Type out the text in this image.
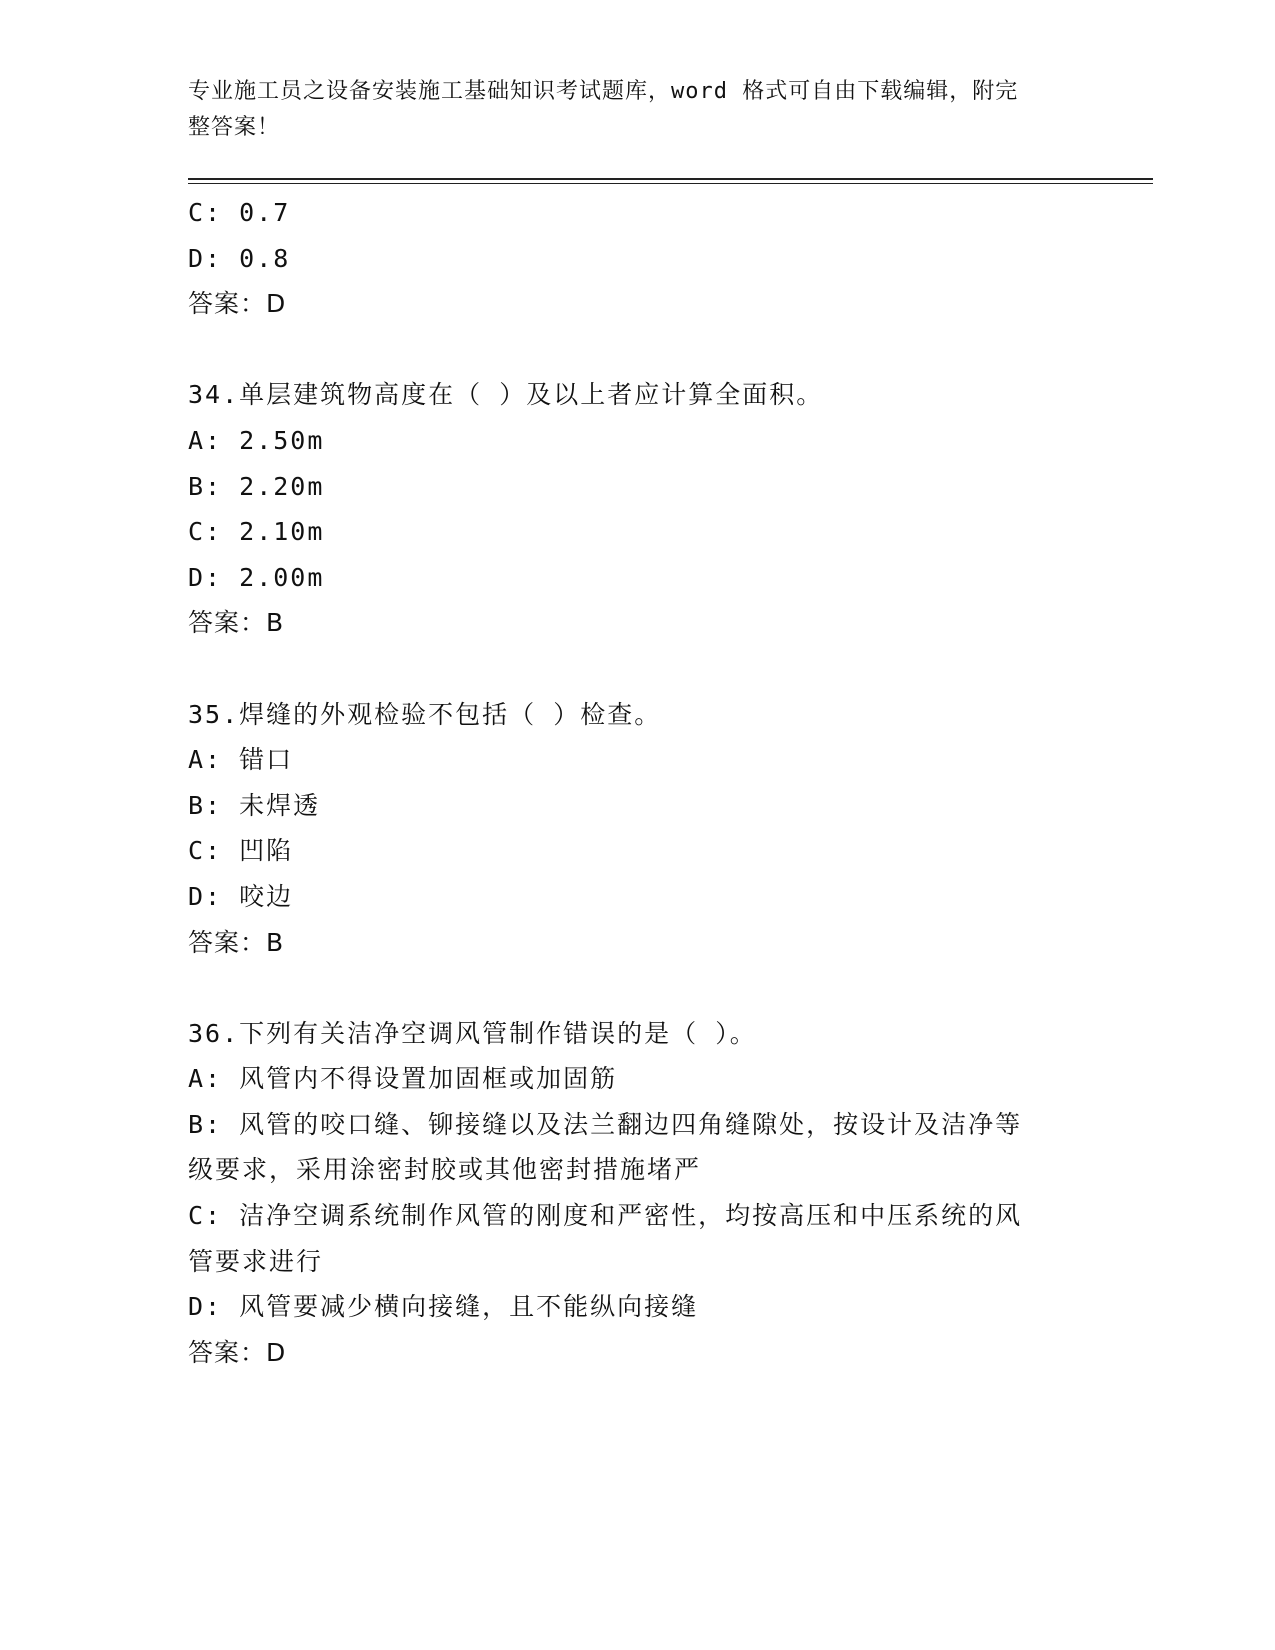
专业施工员之设备安装施工基础知识考试题库，word 格式可自由下载编辑，附完
整答案！
C: 0.7
D: 0.8
答案：D
34.单层建筑物高度在（ ）及以上者应计算全面积。
A: 2.50m
B: 2.20m
C: 2.10m
D: 2.00m
答案：B
35.焊缝的外观检验不包括（ ）检查。
A: 错口
B: 未焊透
C: 凹陷
D: 咬边
答案：B
36.下列有关洁净空调风管制作错误的是（ ）。
A: 风管内不得设置加固框或加固筋
B: 风管的咬口缝、铆接缝以及法兰翻边四角缝隙处，按设计及洁净等
级要求，采用涂密封胶或其他密封措施堵严
C: 洁净空调系统制作风管的刚度和严密性，均按高压和中压系统的风
管要求进行
D: 风管要减少横向接缝，且不能纵向接缝
答案：D
